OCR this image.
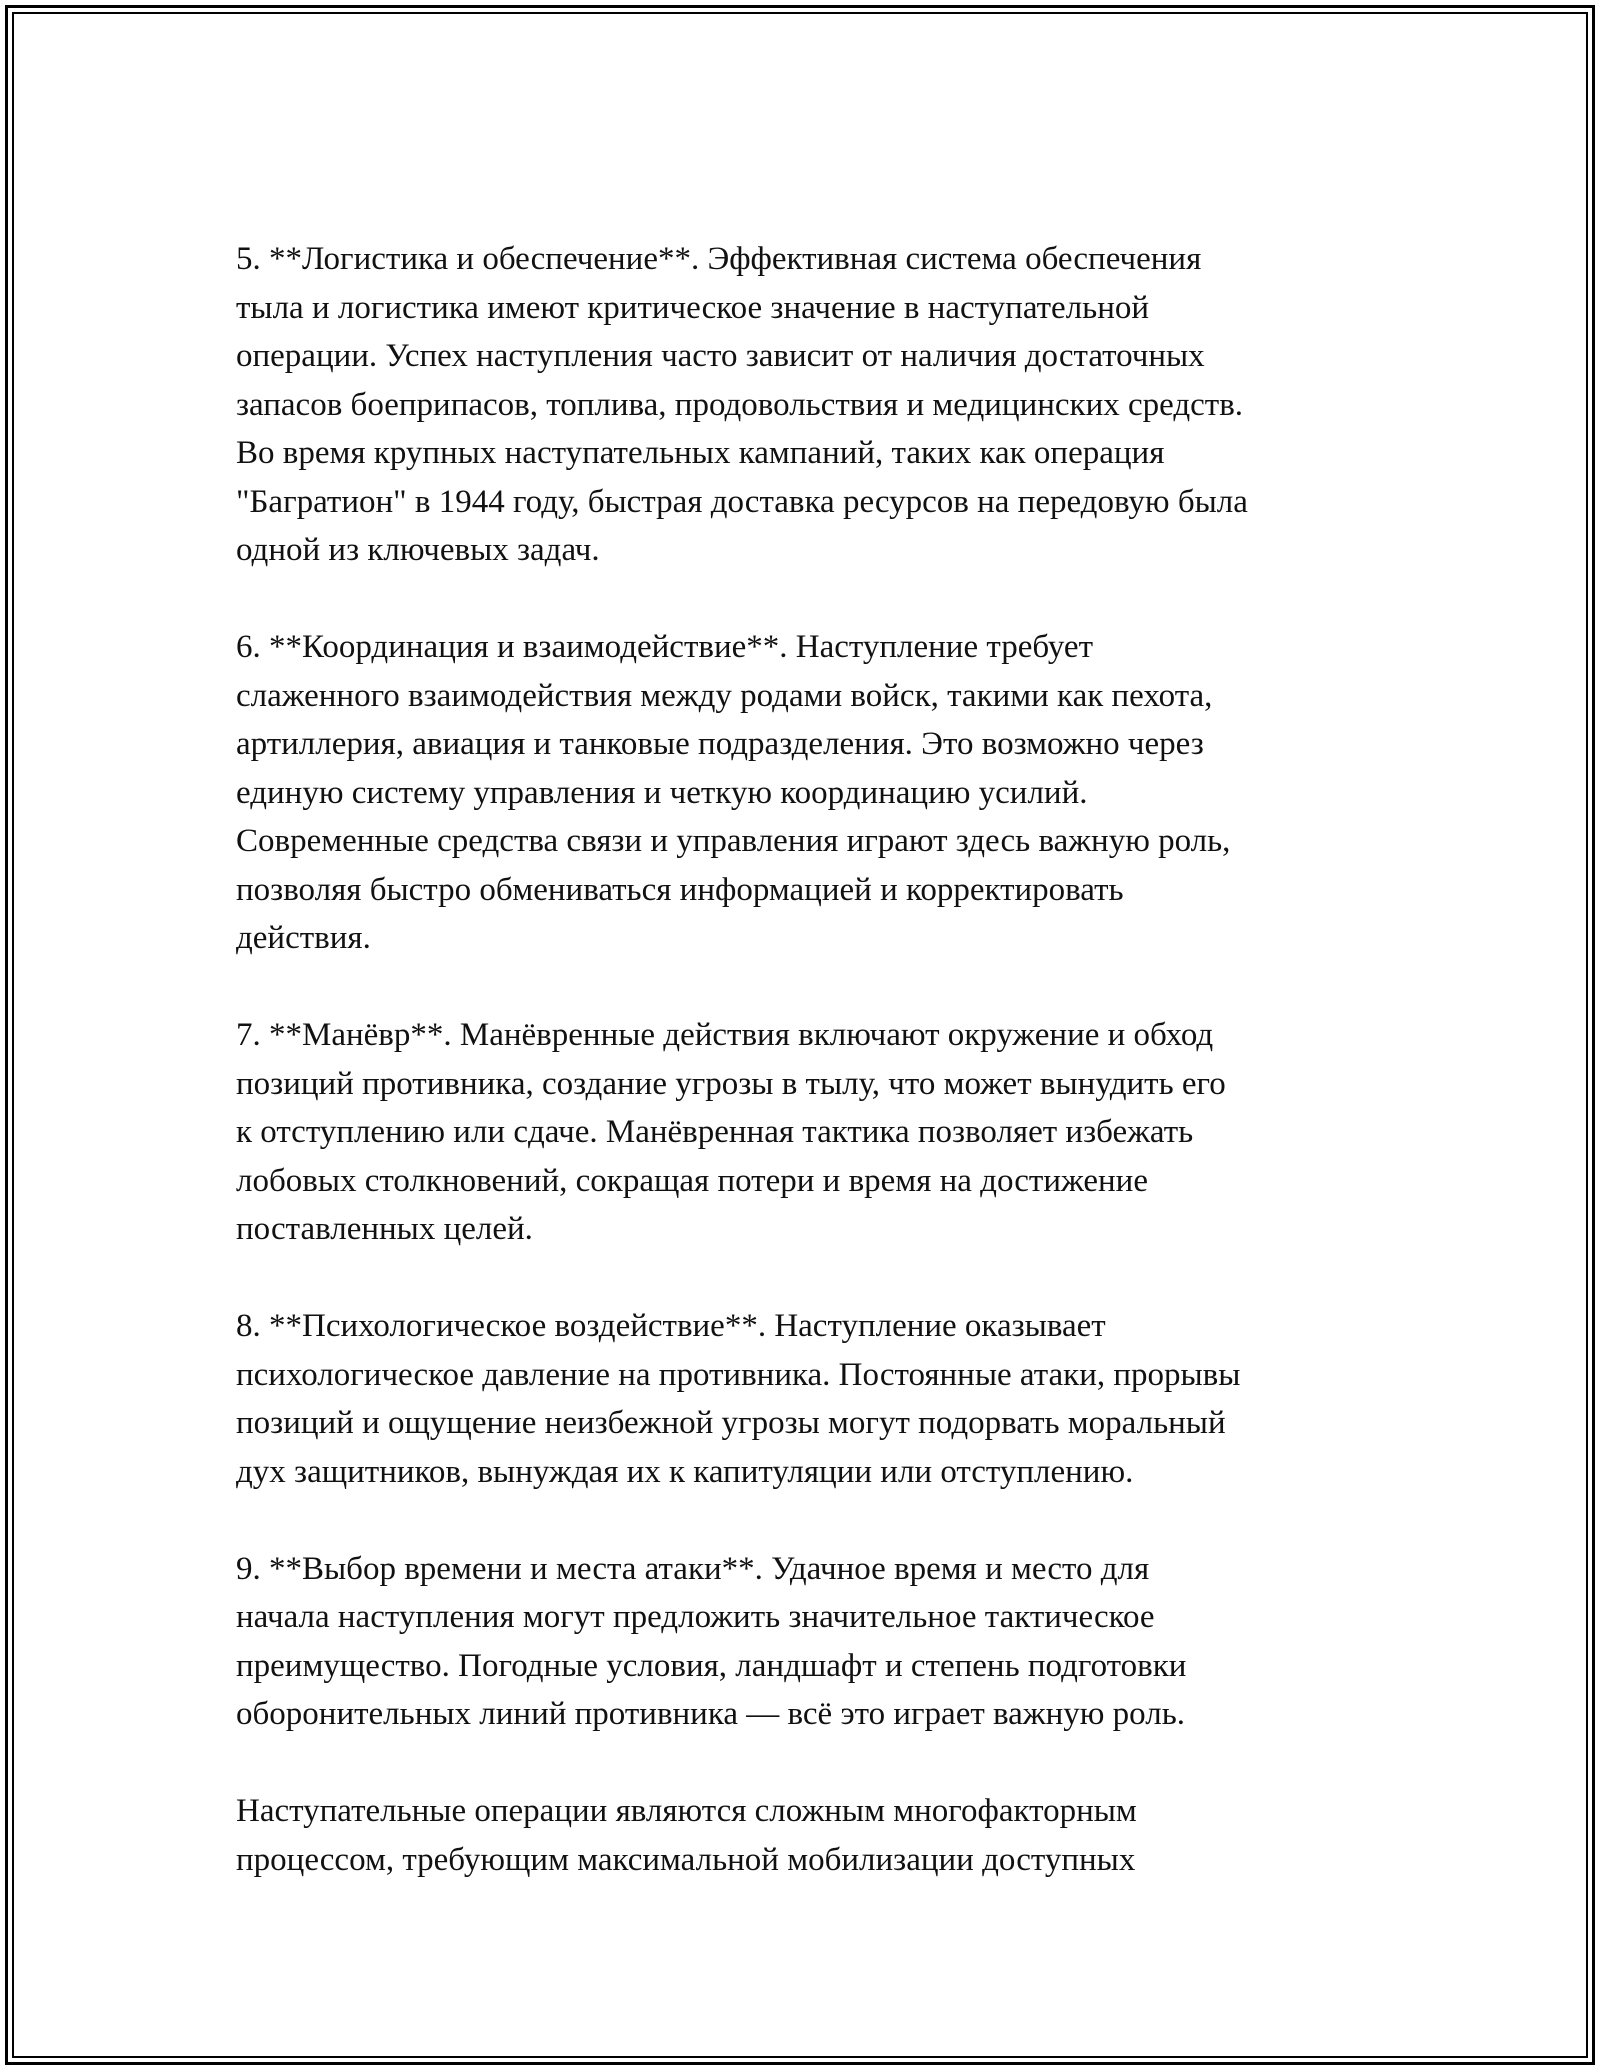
5. **Логистика и обеспечение**. Эффективная система обеспечения
тыла и логистика имеют критическое значение в наступательной
операции. Успех наступления часто зависит от наличия достаточных
запасов боеприпасов, топлива, продовольствия и медицинских средств.
Во время крупных наступательных кампаний, таких как операция
"Багратион" в 1944 году, быстрая доставка ресурсов на передовую была
одной из ключевых задач.
6. **Координация и взаимодействие**. Наступление требует
слаженного взаимодействия между родами войск, такими как пехота,
артиллерия, авиация и танковые подразделения. Это возможно через
единую систему управления и четкую координацию усилий.
Современные средства связи и управления играют здесь важную роль,
позволяя быстро обмениваться информацией и корректировать
действия.
7. **Манёвр**. Манёвренные действия включают окружение и обход
позиций противника, создание угрозы в тылу, что может вынудить его
к отступлению или сдаче. Манёвренная тактика позволяет избежать
лобовых столкновений, сокращая потери и время на достижение
поставленных целей.
8. **Психологическое воздействие**. Наступление оказывает
психологическое давление на противника. Постоянные атаки, прорывы
позиций и ощущение неизбежной угрозы могут подорвать моральный
дух защитников, вынуждая их к капитуляции или отступлению.
9. **Выбор времени и места атаки**. Удачное время и место для
начала наступления могут предложить значительное тактическое
преимущество. Погодные условия, ландшафт и степень подготовки
оборонительных линий противника — всё это играет важную роль.
Наступательные операции являются сложным многофакторным
процессом, требующим максимальной мобилизации доступных
